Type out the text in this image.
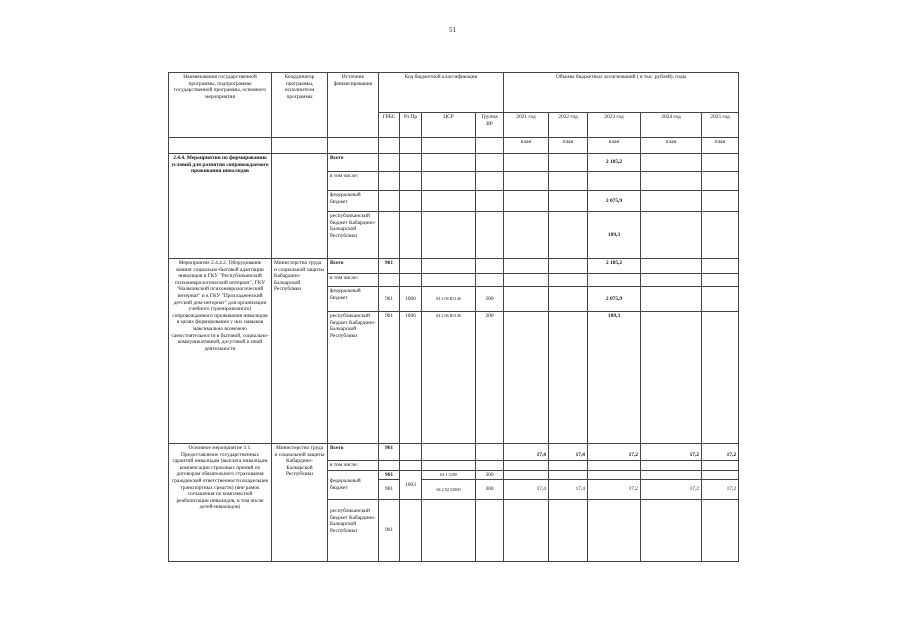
51
Наименования государственной программы, подпрограммы государственной программы, основного мероприятия	Координатор программы, исполнители программы	Источник финансирования	Код бюджетной классификации				Объемы бюджетных ассигнований ( в тыс. рублей), годы				
			ГРБС	Рз Пр	ЦСР	Группа ВР	2021 год	2022 год	2023 год	2024 год	2025 год
							план	план	план	план	план
2.4.4. Мероприятия по формированию условий для развития сопровождаемого проживания инвалидов		Всего							2 185,2		
		в том числе:									
		федеральный бюджет							2 075,9		
		республиканский бюджет Кабардино-Балкарской Республики							109,3		
Мероприятие 2.4.4.2. Оборудование комнат социально-бытовой адаптации инвалидов в ГКУ "Республиканский психоневрологический интернат", ГКУ "Нальчикский психоневрологический интернат" и в ГКУ "Прохладненский детский дом-интернат" для организации учебного (тренировочного) сопровождаемого проживания инвалидов в целях формирования у них навыков максимально возможно самостоятельности в бытовой, социально-коммуникативной, досуговой и иной деятельности	Министерство труда и социальной защиты Кабардино-Балкарской Республики	Всего	961						2 185,2		
		в том числе:									
		федеральный бюджет	961	1006	04 2 06 R5140	200			2 075,9		
		республиканский бюджет Кабардино-Балкарской Республики	961	1006	04 2 06 R5140	200			109,3		
Основное мероприятие 3.1. Предоставление государственных гарантий инвалидам (выплата инвалидам компенсации страховых премий по договорам обязательного страхования гражданской ответственности владельцев транспортных средств) (вне рамок соглашения по комплексной реабилитации инвалидов, в том числе детей-инвалидов)	Министерство труда и социальной защиты Кабардино-Балкарской Республики	Всего	961				17,4	17,4	17,2	17,2	17,2
		в том числе:									
		федеральный бюджет	961	1003	04 1 5280	300					
			961		04 2 02 52800	300	17,4	17,4	17,2	17,2	17,2
		республиканский бюджет Кабардино-Балкарской Республики	961								
